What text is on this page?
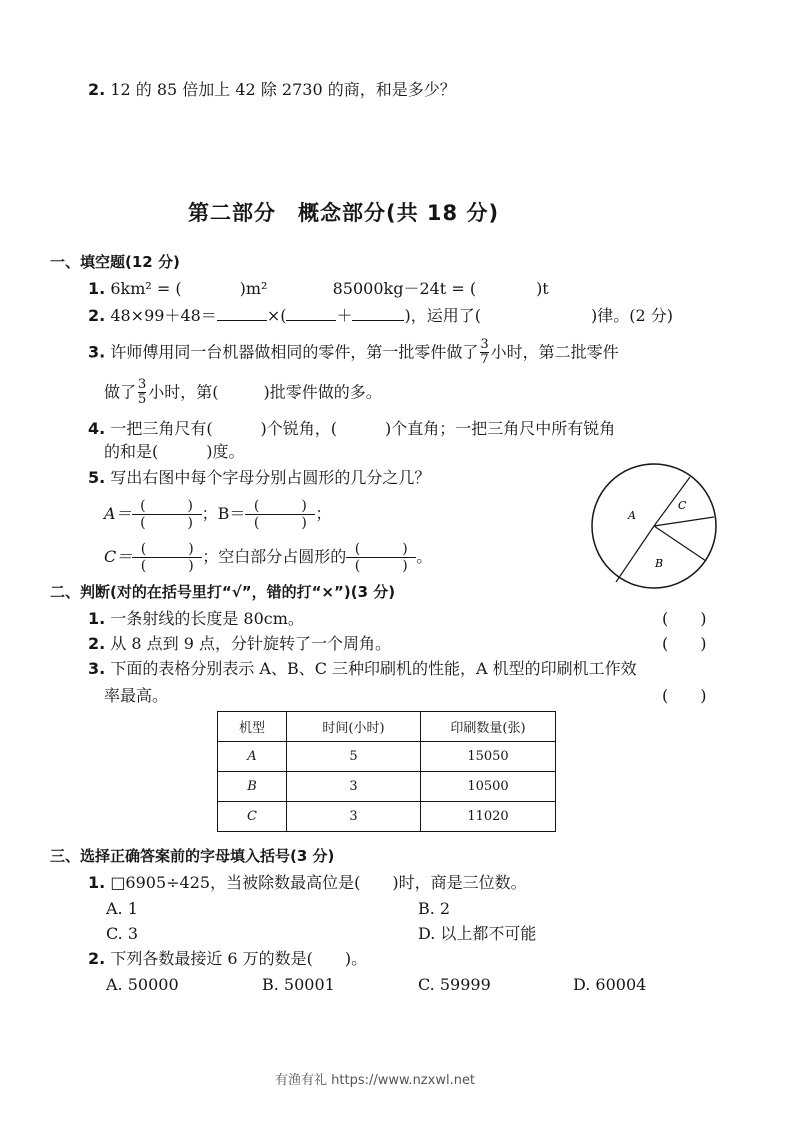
2. 12 的 85 倍加上 42 除 2730 的商，和是多少？
第二部分　概念部分(共 18 分)
一、填空题(12 分)
1. 6km² = (	)m²	85000kg－24t = (	)t
2. 48×99＋48＝	×(	＋	)，运用了(	)律。(2 分)
3. 许师傅用同一台机器做相同的零件，第一批零件做了 $\frac{3}{7}$ 小时，第二批零件
做了 $\frac{3}{5}$ 小时，第(	)批零件做的多。
4. 一把三角尺有(　　　)个锐角，(　　　)个直角；一把三角尺中所有锐角
的和是(　　　)度。
5. 写出右图中每个字母分别占圆形的几分之几？
A＝ (　　　)
(　　　) ；B＝ (　　　)
(　　　) ；
C＝ (　　　)
(　　　) ；空白部分占圆形的 (　　　)
(　　　) 。
A
C
B
二、判断(对的在括号里打“√”，错的打“×”)(3 分)
1. 一条射线的长度是 80cm。	(　　)
2. 从 8 点到 9 点，分针旋转了一个周角。	(　　)
3. 下面的表格分别表示 A、B、C 三种印刷机的性能，A 机型的印刷机工作效
率最高。	(　　)
机型	时间(小时)	印刷数量(张)
A	5	15050
B	3	10500
C	3	11020
三、选择正确答案前的字母填入括号(3 分)
1. □6905÷425，当被除数最高位是(　　)时，商是三位数。
A. 1	B. 2
C. 3	D. 以上都不可能
2. 下列各数最接近 6 万的数是(　　)。
A. 50000	B. 50001	C. 59999	D. 60004
有渔有礼 https://www.nzxwl.net
